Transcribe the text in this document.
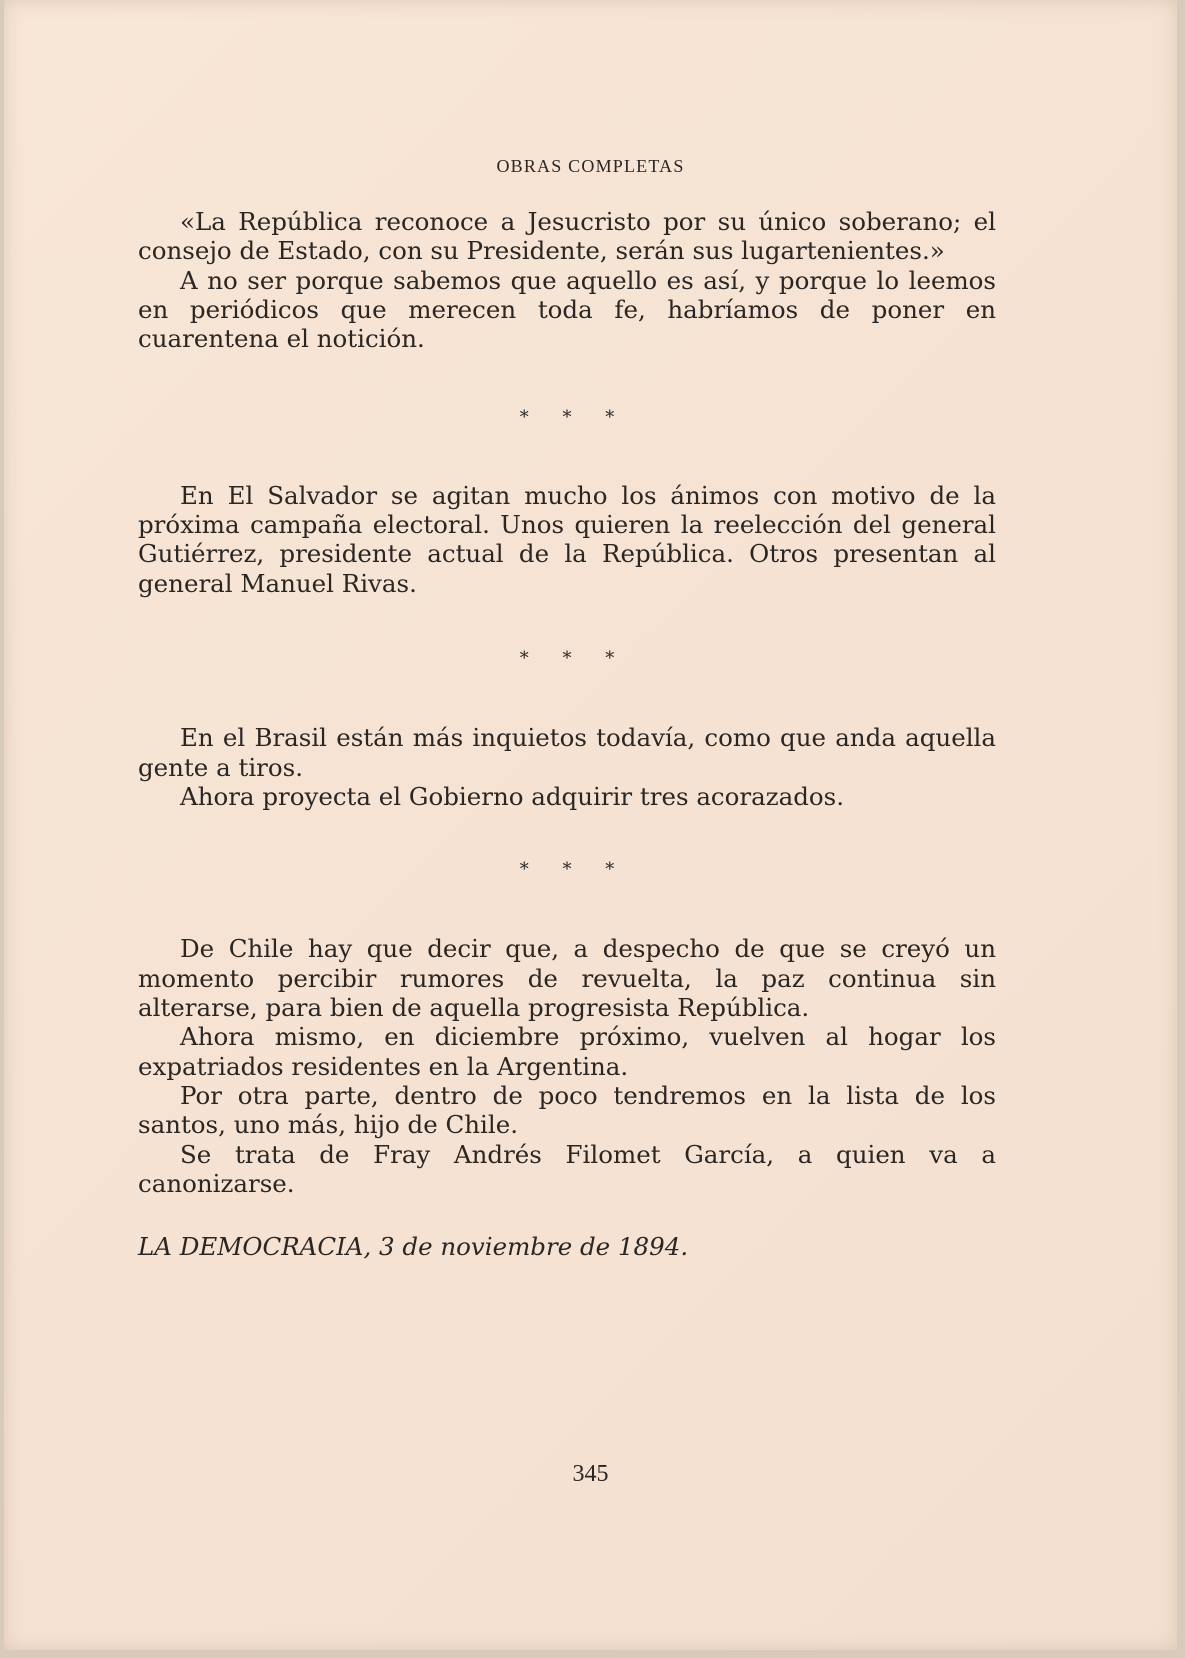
OBRAS COMPLETAS

«La República reconoce a Jesucristo por su único soberano; el consejo de Estado, con su Presidente, serán sus lugartenientes.»

A no ser porque sabemos que aquello es así, y porque lo leemos en periódicos que merecen toda fe, habríamos de poner en cuarentena el notición.

* * *

En El Salvador se agitan mucho los ánimos con motivo de la próxima campaña electoral. Unos quieren la reelección del general Gutiérrez, presidente actual de la República. Otros presentan al general Manuel Rivas.

* * *

En el Brasil están más inquietos todavía, como que anda aquella gente a tiros.

Ahora proyecta el Gobierno adquirir tres acorazados.

* * *

De Chile hay que decir que, a despecho de que se creyó un momento percibir rumores de revuelta, la paz continua sin alterarse, para bien de aquella progresista República.

Ahora mismo, en diciembre próximo, vuelven al hogar los expatriados residentes en la Argentina.

Por otra parte, dentro de poco tendremos en la lista de los santos, uno más, hijo de Chile.

Se trata de Fray Andrés Filomet García, a quien va a canonizarse.

LA DEMOCRACIA, 3 de noviembre de 1894.
345
